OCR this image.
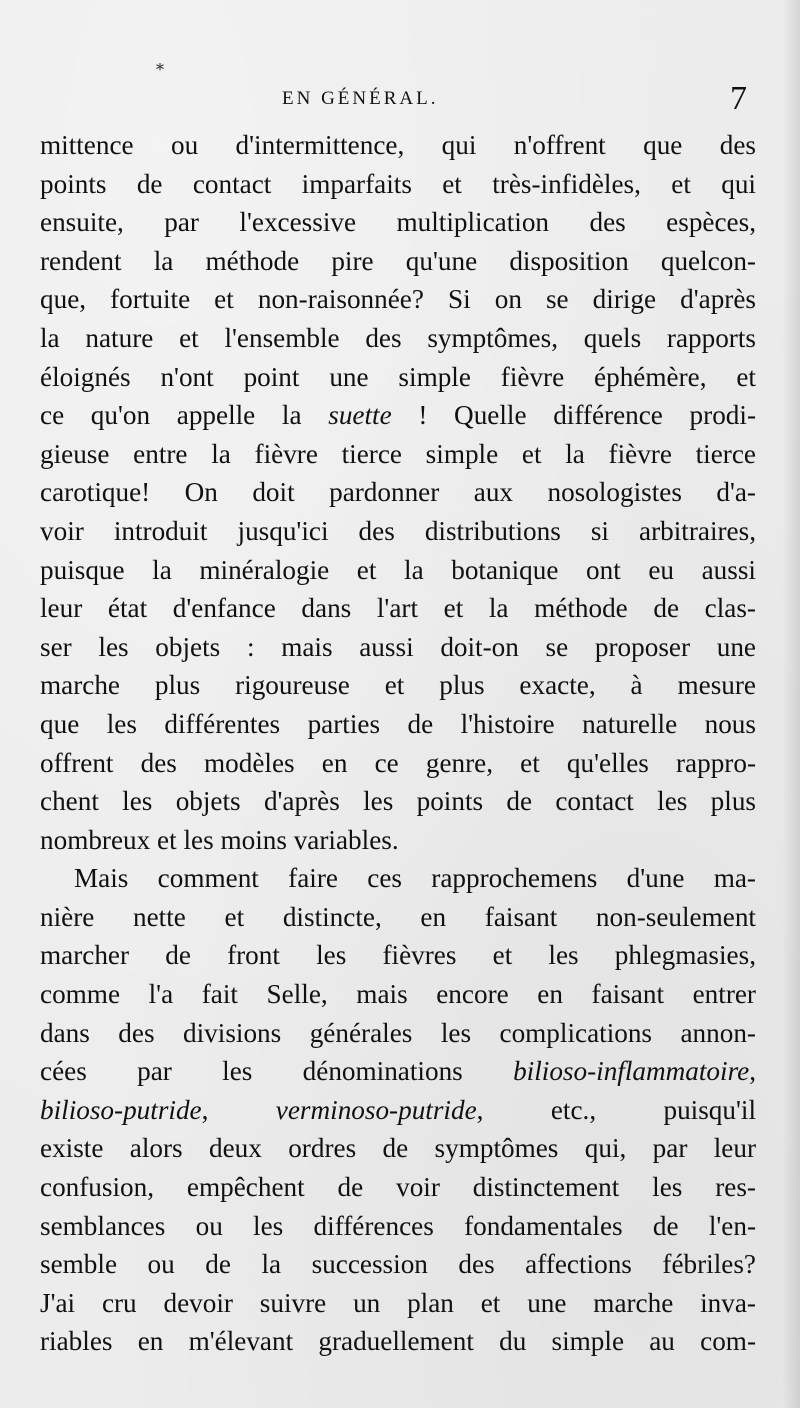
*
EN GÉNÉRAL.	7
mittence ou d'intermittence, qui n'offrent que des
points de contact imparfaits et très-infidèles, et qui
ensuite, par l'excessive multiplication des espèces,
rendent la méthode pire qu'une disposition quelcon-
que, fortuite et non-raisonnée? Si on se dirige d'après
la nature et l'ensemble des symptômes, quels rapports
éloignés n'ont point une simple fièvre éphémère, et
ce qu'on appelle la suette ! Quelle différence prodi-
gieuse entre la fièvre tierce simple et la fièvre tierce
carotique! On doit pardonner aux nosologistes d'a-
voir introduit jusqu'ici des distributions si arbitraires,
puisque la minéralogie et la botanique ont eu aussi
leur état d'enfance dans l'art et la méthode de clas-
ser les objets : mais aussi doit-on se proposer une
marche plus rigoureuse et plus exacte, à mesure
que les différentes parties de l'histoire naturelle nous
offrent des modèles en ce genre, et qu'elles rappro-
chent les objets d'après les points de contact les plus
nombreux et les moins variables.
Mais comment faire ces rapprochemens d'une ma-
nière nette et distincte, en faisant non-seulement
marcher de front les fièvres et les phlegmasies,
comme l'a fait Selle, mais encore en faisant entrer
dans des divisions générales les complications annon-
cées par les dénominations bilioso-inflammatoire,
bilioso-putride, verminoso-putride, etc., puisqu'il
existe alors deux ordres de symptômes qui, par leur
confusion, empêchent de voir distinctement les res-
semblances ou les différences fondamentales de l'en-
semble ou de la succession des affections fébriles?
J'ai cru devoir suivre un plan et une marche inva-
riables en m'élevant graduellement du simple au com-
